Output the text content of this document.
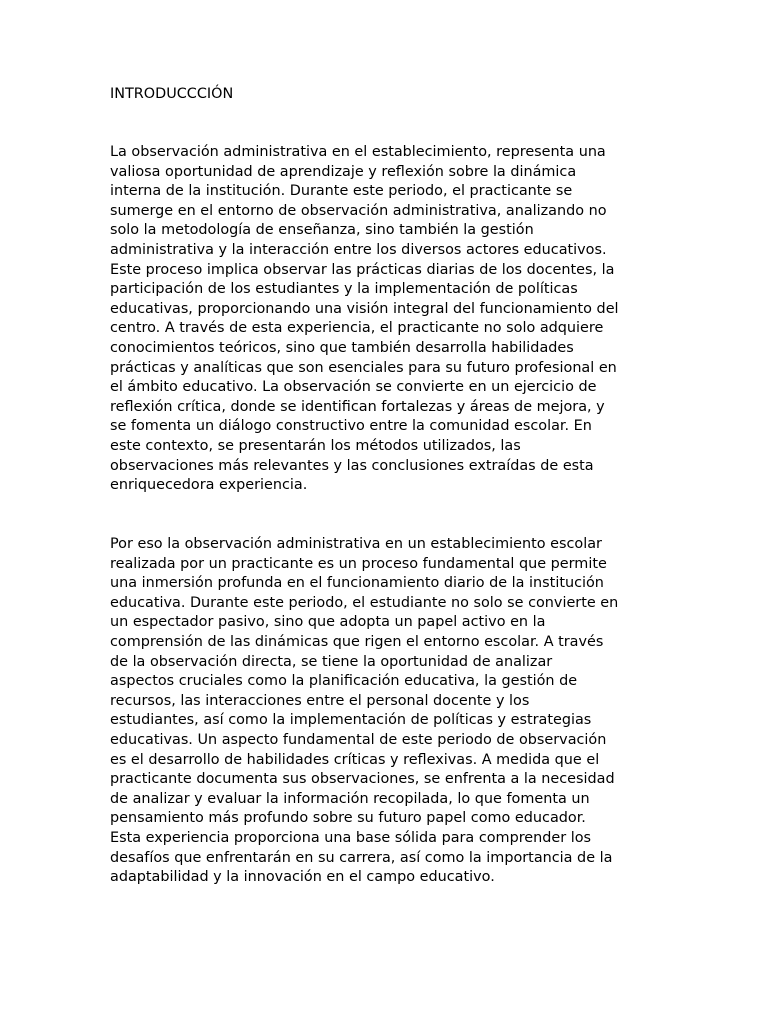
INTRODUCCCIÓN
La observación administrativa en el establecimiento, representa una
valiosa oportunidad de aprendizaje y reflexión sobre la dinámica
interna de la institución. Durante este periodo, el practicante se
sumerge en el entorno de observación administrativa, analizando no
solo la metodología de enseñanza, sino también la gestión
administrativa y la interacción entre los diversos actores educativos.
Este proceso implica observar las prácticas diarias de los docentes, la
participación de los estudiantes y la implementación de políticas
educativas, proporcionando una visión integral del funcionamiento del
centro. A través de esta experiencia, el practicante no solo adquiere
conocimientos teóricos, sino que también desarrolla habilidades
prácticas y analíticas que son esenciales para su futuro profesional en
el ámbito educativo. La observación se convierte en un ejercicio de
reflexión crítica, donde se identifican fortalezas y áreas de mejora, y
se fomenta un diálogo constructivo entre la comunidad escolar. En
este contexto, se presentarán los métodos utilizados, las
observaciones más relevantes y las conclusiones extraídas de esta
enriquecedora experiencia.
Por eso la observación administrativa en un establecimiento escolar
realizada por un practicante es un proceso fundamental que permite
una inmersión profunda en el funcionamiento diario de la institución
educativa. Durante este periodo, el estudiante no solo se convierte en
un espectador pasivo, sino que adopta un papel activo en la
comprensión de las dinámicas que rigen el entorno escolar. A través
de la observación directa, se tiene la oportunidad de analizar
aspectos cruciales como la planificación educativa, la gestión de
recursos, las interacciones entre el personal docente y los
estudiantes, así como la implementación de políticas y estrategias
educativas. Un aspecto fundamental de este periodo de observación
es el desarrollo de habilidades críticas y reflexivas. A medida que el
practicante documenta sus observaciones, se enfrenta a la necesidad
de analizar y evaluar la información recopilada, lo que fomenta un
pensamiento más profundo sobre su futuro papel como educador.
Esta experiencia proporciona una base sólida para comprender los
desafíos que enfrentarán en su carrera, así como la importancia de la
adaptabilidad y la innovación en el campo educativo.
